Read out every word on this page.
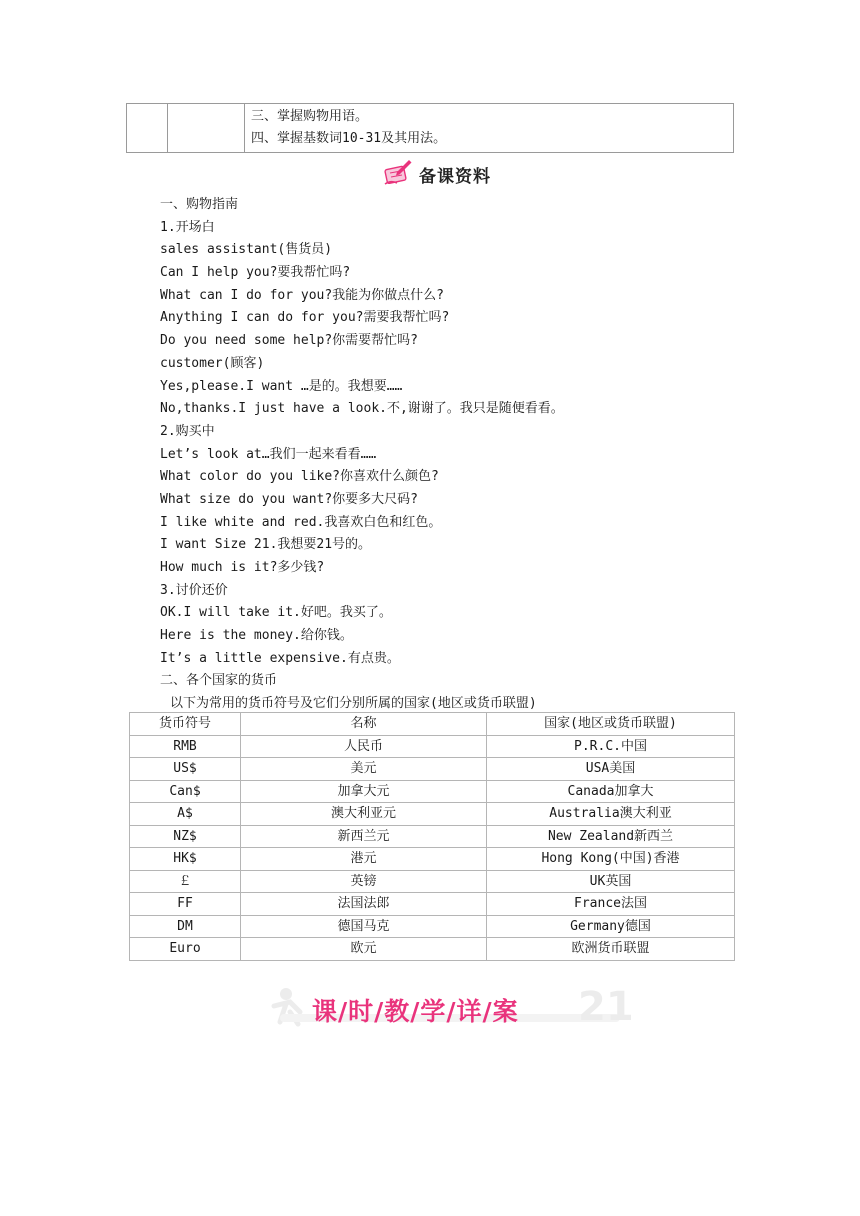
三、掌握购物用语。
四、掌握基数词10-31及其用法。
备课资料
一、购物指南
1.开场白
sales assistant(售货员)
Can I help you?要我帮忙吗?
What can I do for you?我能为你做点什么?
Anything I can do for you?需要我帮忙吗?
Do you need some help?你需要帮忙吗?
customer(顾客)
Yes,please.I want …是的。我想要……
No,thanks.I just have a look.不,谢谢了。我只是随便看看。
2.购买中
Let’s look at…我们一起来看看……
What color do you like?你喜欢什么颜色?
What size do you want?你要多大尺码?
I like white and red.我喜欢白色和红色。
I want Size 21.我想要21号的。
How much is it?多少钱?
3.讨价还价
OK.I will take it.好吧。我买了。
Here is the money.给你钱。
It’s a little expensive.有点贵。
二、各个国家的货币
以下为常用的货币符号及它们分别所属的国家(地区或货币联盟)
货币符号	名称	国家(地区或货币联盟)
RMB	人民币	P.R.C.中国
US$	美元	USA美国
Can$	加拿大元	Canada加拿大
A$	澳大利亚元	Australia澳大利亚
NZ$	新西兰元	New Zealand新西兰
HK$	港元	Hong Kong(中国)香港
￡	英镑	UK英国
FF	法国法郎	France法国
DM	德国马克	Germany德国
Euro	欧元	欧洲货币联盟
21
课/时/教/学/详/案
